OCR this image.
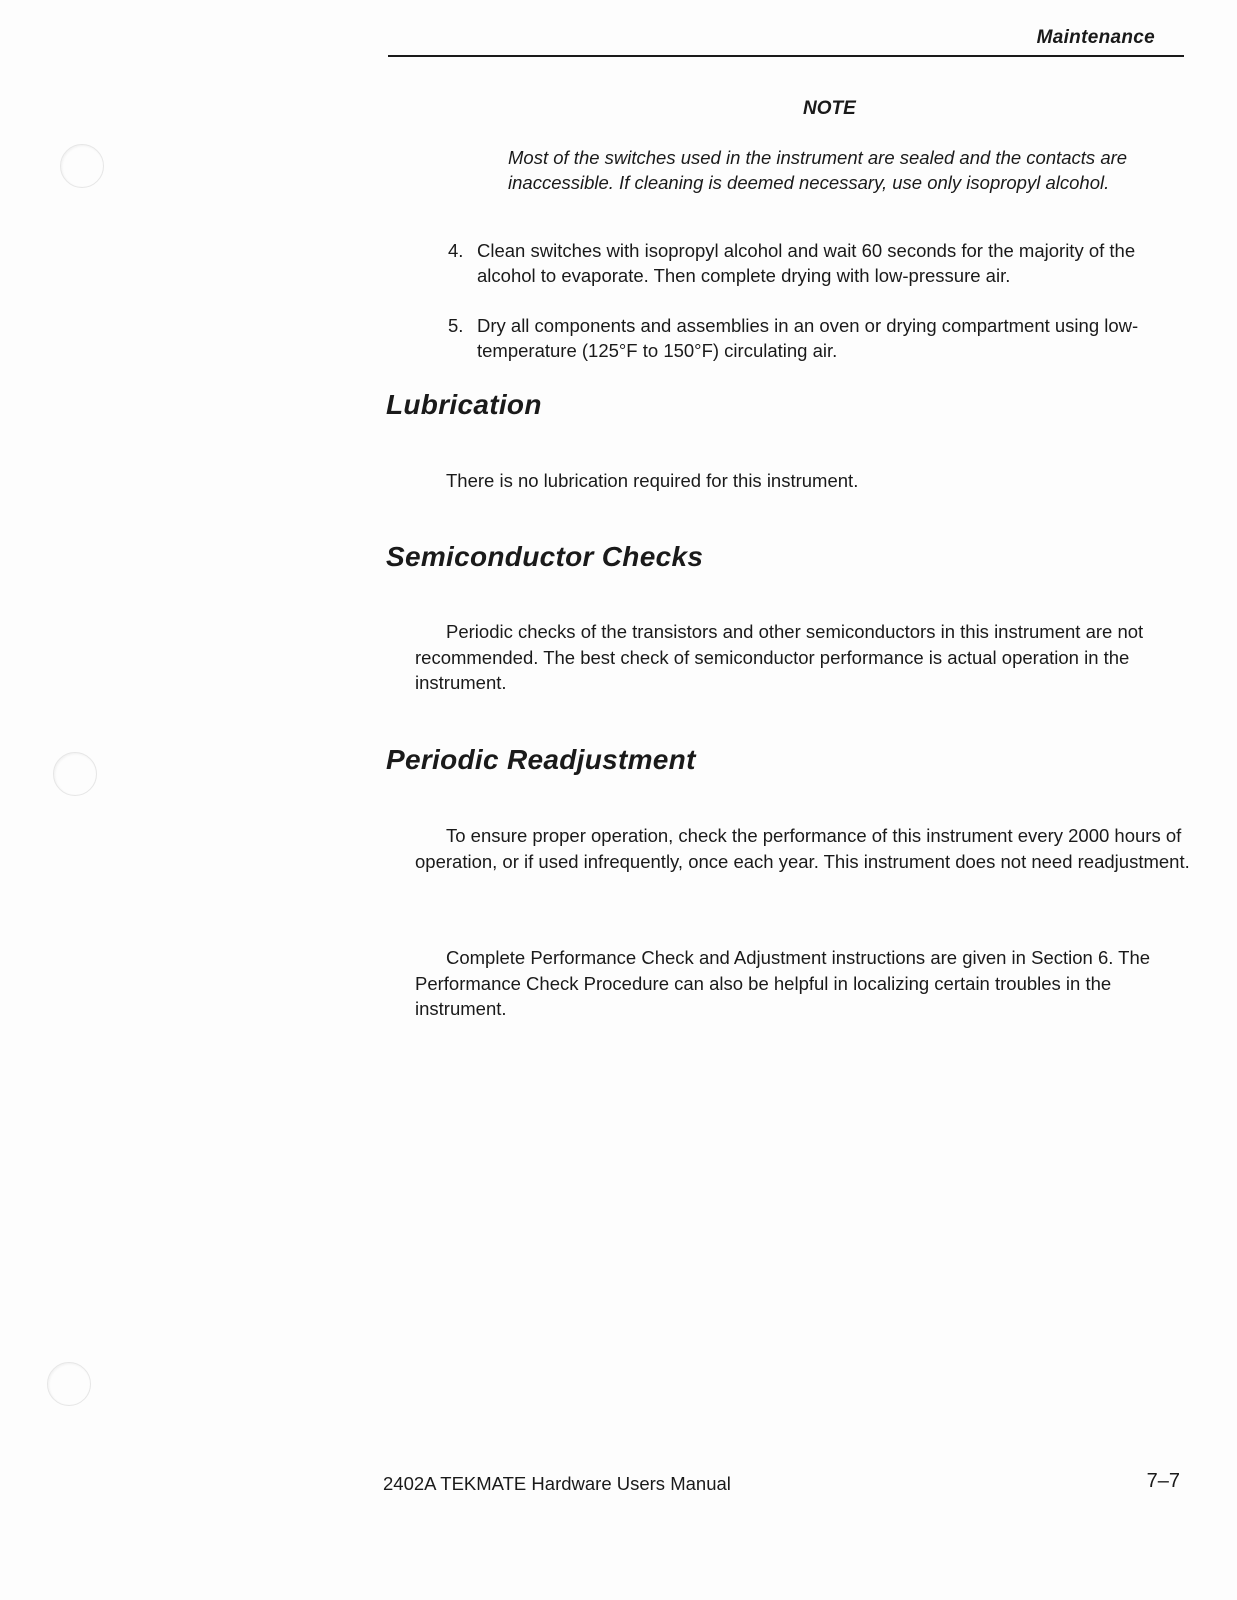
Maintenance
NOTE
Most of the switches used in the instrument are sealed and the contacts are inaccessible. If cleaning is deemed necessary, use only isopropyl alcohol.
4. Clean switches with isopropyl alcohol and wait 60 seconds for the majority of the alcohol to evaporate. Then complete drying with low-pressure air.
5. Dry all components and assemblies in an oven or drying compartment using low-temperature (125°F to 150°F) circulating air.
Lubrication
There is no lubrication required for this instrument.
Semiconductor Checks
Periodic checks of the transistors and other semiconductors in this instrument are not recommended. The best check of semiconductor performance is actual operation in the instrument.
Periodic Readjustment
To ensure proper operation, check the performance of this instrument every 2000 hours of operation, or if used infrequently, once each year. This instrument does not need readjustment.
Complete Performance Check and Adjustment instructions are given in Section 6. The Performance Check Procedure can also be helpful in localizing certain troubles in the instrument.
2402A TEKMATE Hardware Users Manual	7–7
